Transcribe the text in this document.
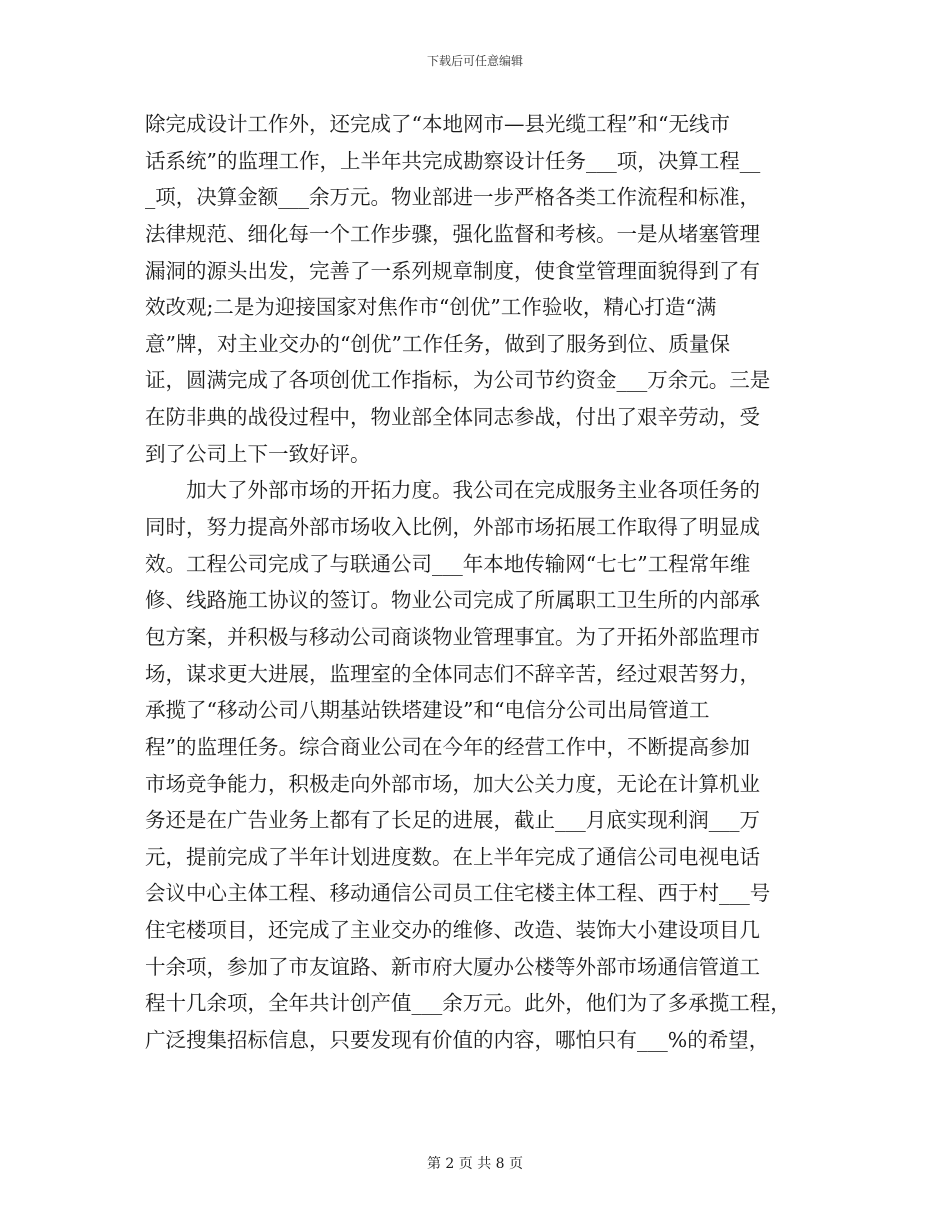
下载后可任意编辑
除完成设计工作外，还完成了“本地网市—县光缆工程”和“无线市
话系统”的监理工作，上半年共完成勘察设计任务___项，决算工程__
_项，决算金额___余万元。物业部进一步严格各类工作流程和标准，
法律规范、细化每一个工作步骤，强化监督和考核。一是从堵塞管理
漏洞的源头出发，完善了一系列规章制度，使食堂管理面貌得到了有
效改观;二是为迎接国家对焦作市“创优”工作验收，精心打造“满
意”牌，对主业交办的“创优”工作任务，做到了服务到位、质量保
证，圆满完成了各项创优工作指标，为公司节约资金___万余元。三是
在防非典的战役过程中，物业部全体同志参战，付出了艰辛劳动，受
到了公司上下一致好评。
　　加大了外部市场的开拓力度。我公司在完成服务主业各项任务的
同时，努力提高外部市场收入比例，外部市场拓展工作取得了明显成
效。工程公司完成了与联通公司___年本地传输网“七七”工程常年维
修、线路施工协议的签订。物业公司完成了所属职工卫生所的内部承
包方案，并积极与移动公司商谈物业管理事宜。为了开拓外部监理市
场，谋求更大进展，监理室的全体同志们不辞辛苦，经过艰苦努力，
承揽了“移动公司八期基站铁塔建设”和“电信分公司出局管道工
程”的监理任务。综合商业公司在今年的经营工作中，不断提高参加
市场竞争能力，积极走向外部市场，加大公关力度，无论在计算机业
务还是在广告业务上都有了长足的进展，截止___月底实现利润___万
元，提前完成了半年计划进度数。在上半年完成了通信公司电视电话
会议中心主体工程、移动通信公司员工住宅楼主体工程、西于村___号
住宅楼项目，还完成了主业交办的维修、改造、装饰大小建设项目几
十余项，参加了市友谊路、新市府大厦办公楼等外部市场通信管道工
程十几余项，全年共计创产值___余万元。此外，他们为了多承揽工程，
广泛搜集招标信息，只要发现有价值的内容，哪怕只有___%的希望，
第 2 页 共 8 页
